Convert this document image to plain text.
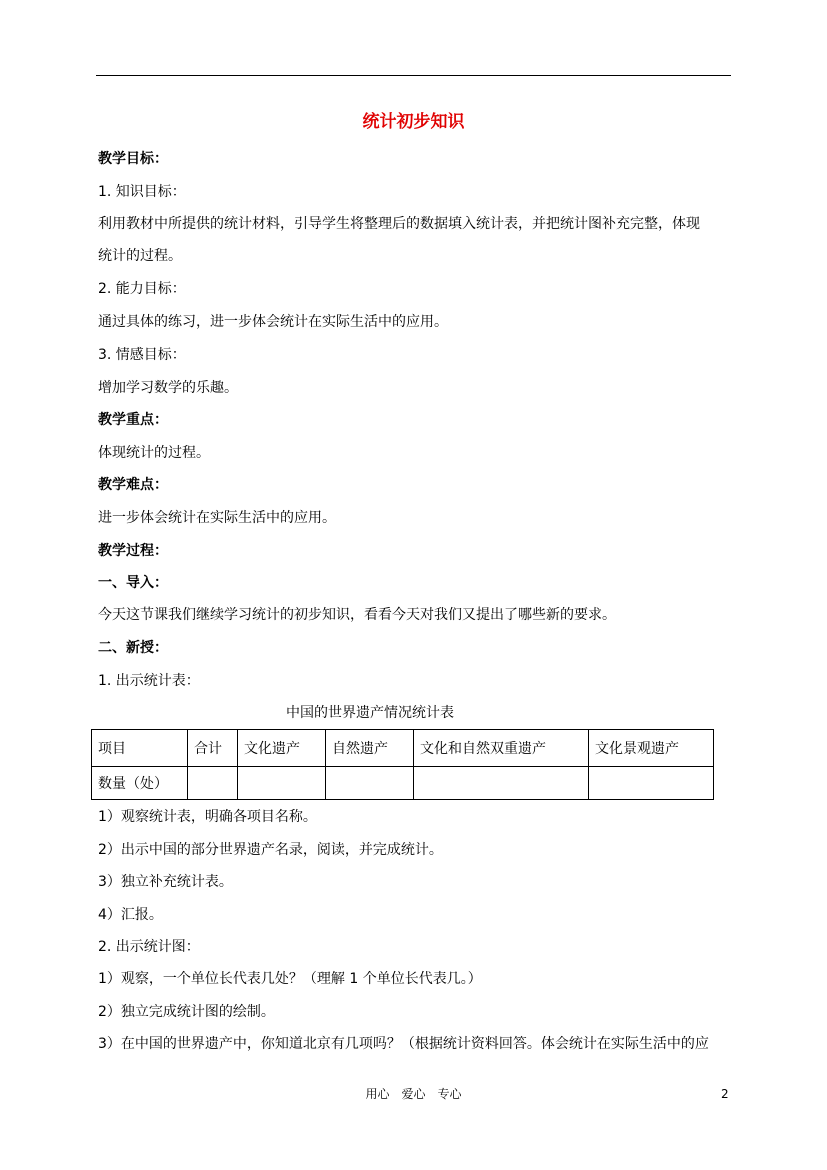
统计初步知识
教学目标：
1. 知识目标：
利用教材中所提供的统计材料，引导学生将整理后的数据填入统计表，并把统计图补充完整，体现
统计的过程。
2. 能力目标：
通过具体的练习，进一步体会统计在实际生活中的应用。
3. 情感目标：
增加学习数学的乐趣。
教学重点：
体现统计的过程。
教学难点：
进一步体会统计在实际生活中的应用。
教学过程：
一、导入：
今天这节课我们继续学习统计的初步知识，看看今天对我们又提出了哪些新的要求。
二、新授：
1. 出示统计表：
中国的世界遗产情况统计表
项目	合计	文化遗产	自然遗产	文化和自然双重遗产	文化景观遗产
数量（处）					
1）观察统计表，明确各项目名称。
2）出示中国的部分世界遗产名录，阅读，并完成统计。
3）独立补充统计表。
4）汇报。
2. 出示统计图：
1）观察，一个单位长代表几处？（理解 1 个单位长代表几。）
2）独立完成统计图的绘制。
3）在中国的世界遗产中，你知道北京有几项吗？（根据统计资料回答。体会统计在实际生活中的应
用心　爱心　专心	2
